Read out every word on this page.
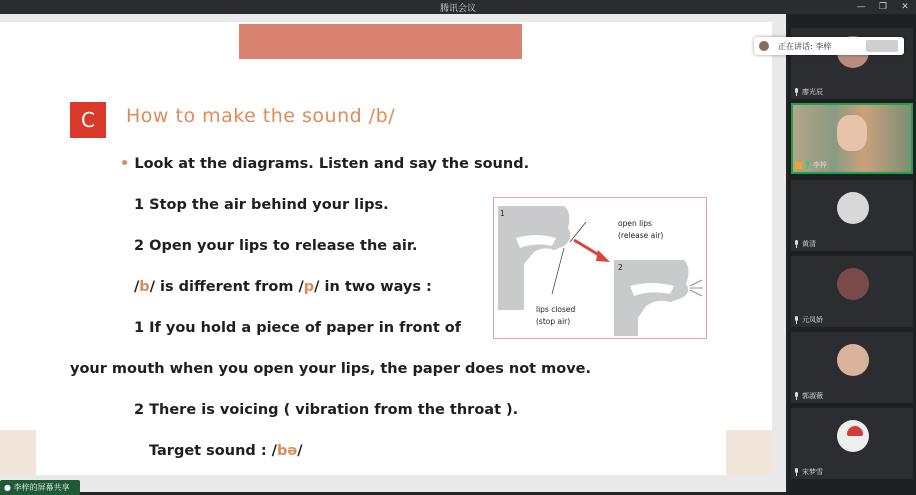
腾讯会议	—	❐	✕
C	How to make the sound /b/
• Look at the diagrams. Listen and say the sound.
1 Stop the air behind your lips.
2 Open your lips to release the air.
/b/ is different from /p/ in two ways :
1 If you hold a piece of paper in front of
your mouth when you open your lips, the paper does not move.
2 There is voicing ( vibration from the throat ).
Target sound : /bə/
1
2
open lips
(release air)
lips closed
(stop air)
廖光辰
李梓
黄清
元凤娇
郭淑薇
宋梦雪
正在讲话: 李梓
● 李梓的屏幕共享
